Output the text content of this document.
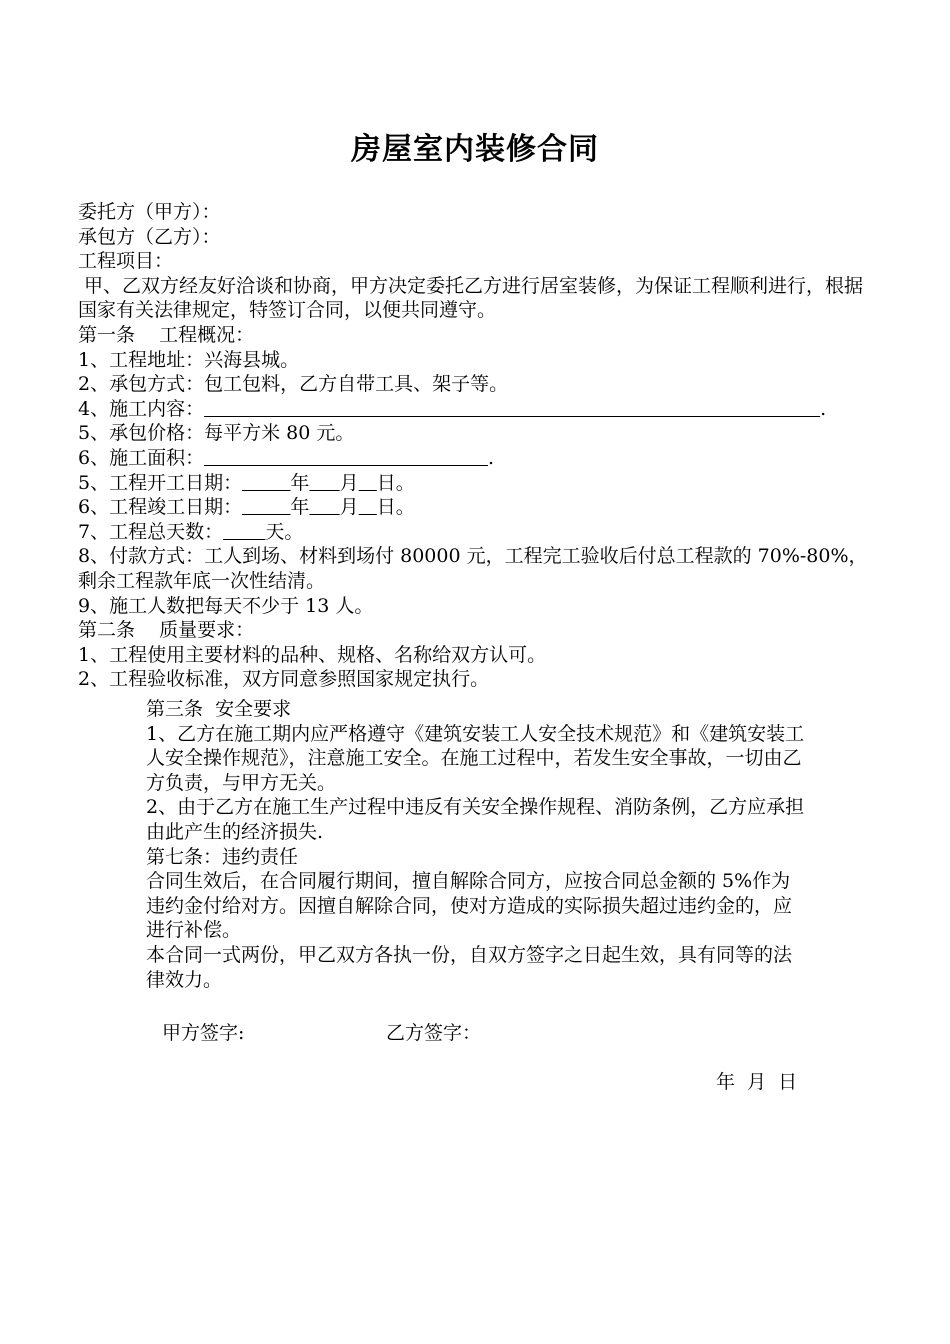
房屋室内装修合同

委托方（甲方）：

承包方（乙方）：

工程项目：

甲、乙双方经友好洽谈和协商，甲方决定委托乙方进行居室装修，为保证工程顺利进行，根据国家有关法律规定，特签订合同，以便共同遵守。

第一条    工程概况：

1、工程地址：兴海县城。

2、承包方式：包工包料，乙方自带工具、架子等。

4、施工内容：	.

5、承包价格：每平方米 80 元。

6、施工面积：	.

5、工程开工日期：	年 月 日。

6、工程竣工日期：	年 月 日。

7、工程总天数： 天。

8、付款方式：工人到场、材料到场付 80000 元，工程完工验收后付总工程款的 70%-80%，剩余工程款年底一次性结清。

9、施工人数把每天不少于 13 人。

第二条    质量要求：

1、工程使用主要材料的品种、规格、名称给双方认可。

2、工程验收标准，双方同意参照国家规定执行。

第三条  安全要求

1、乙方在施工期内应严格遵守《建筑安装工人安全技术规范》和《建筑安装工人安全操作规范》，注意施工安全。在施工过程中，若发生安全事故，一切由乙方负责，与甲方无关。

2、由于乙方在施工生产过程中违反有关安全操作规程、消防条例，乙方应承担由此产生的经济损失.

第七条：违约责任

合同生效后，在合同履行期间，擅自解除合同方，应按合同总金额的 5%作为违约金付给对方。因擅自解除合同，使对方造成的实际损失超过违约金的，应进行补偿。

本合同一式两份，甲乙双方各执一份，自双方签字之日起生效，具有同等的法律效力。

甲方签字:	乙方签字：
年  月  日
